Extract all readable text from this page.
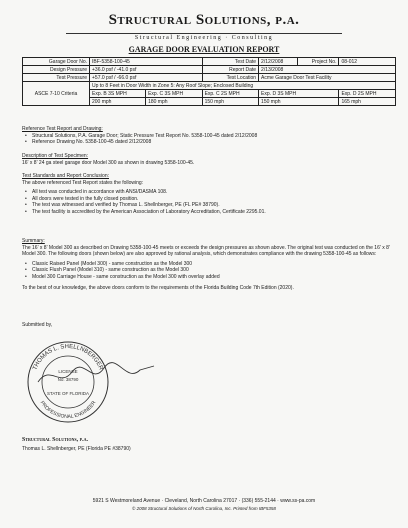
Structural Solutions, p.a.
Structural Engineering · Consulting
GARAGE DOOR EVALUATION REPORT
Garage Door No.	IBF-5358-100-45		Test Date	2/12/2008	Project No.	08-012
Design Pressure	+36.0 psf / -41.0 psf		Report Date	2/13/2008		
Test Pressure	+57.0 psf / -66.0 psf		Test Location	Acme Garage Door Test Facility		
ASCE 7-10 Criteria	Up to 8 Feet in Door Width in Zone 5: Any Roof Slope; Enclosed Building					
	Exp. B 3S MPH	Exp. C 3S MPH	Exp. C 2S MPH	Exp. D 3S MPH		Exp. D 2S MPH
	200 mph	180 mph	150 mph	150 mph		165 mph
Reference Test Report and Drawing:
• Structural Solutions, P.A. Garage Door; Static Pressure Test Report No. 5358-100-45 dated 2/12/2008
• Reference Drawing No. 5358-100-45 dated 2/12/2008
Description of Test Specimen:
16' x 8' 24 ga steel garage door Model 300 as shown in drawing 5358-100-45.
Test Standards and Report Conclusion:
The above referenced Test Report states the following:
• All test was conducted in accordance with ANSI/DASMA 108.
• All doors were tested in the fully closed position.
• The test was witnessed and verified by Thomas L. Shellnberger, PE (FL PE# 38790).
• The test facility is accredited by the American Association of Laboratory Accreditation, Certificate 2295.01.
Summary:
The 16' x 8' Model 300 as described on Drawing 5358-100-45 meets or exceeds the design pressures as shown above. The original test was conducted on the 16' x 8' Model 300. The following doors (shown below) are also approved by rational analysis, which demonstrates compliance with the drawing 5358-100-45 as follows:
• Classic Raised Panel (Model 300) - same construction as the Model 300
• Classic Flush Panel (Model 310) - same construction as the Model 300
• Model 300 Carriage House - same construction as the Model 300 with overlay added
To the best of our knowledge, the above doors conform to the requirements of the Florida Building Code 7th Edition (2020).
Submitted by,
THOMAS L. SHELLNBERGER
PROFESSIONAL ENGINEER
LICENSE
No. 38790
STATE OF FLORIDA
Structural Solutions, p.a.
Thomas L. Shellnberger, PE (Florida PE #38790)
5921 S Westmoreland Avenue · Cleveland, North Carolina 27017 · (336) 555-2144 · www.ss-pa.com
© 2008 Structural Solutions of North Carolina, Inc. Printed from IBF5358
